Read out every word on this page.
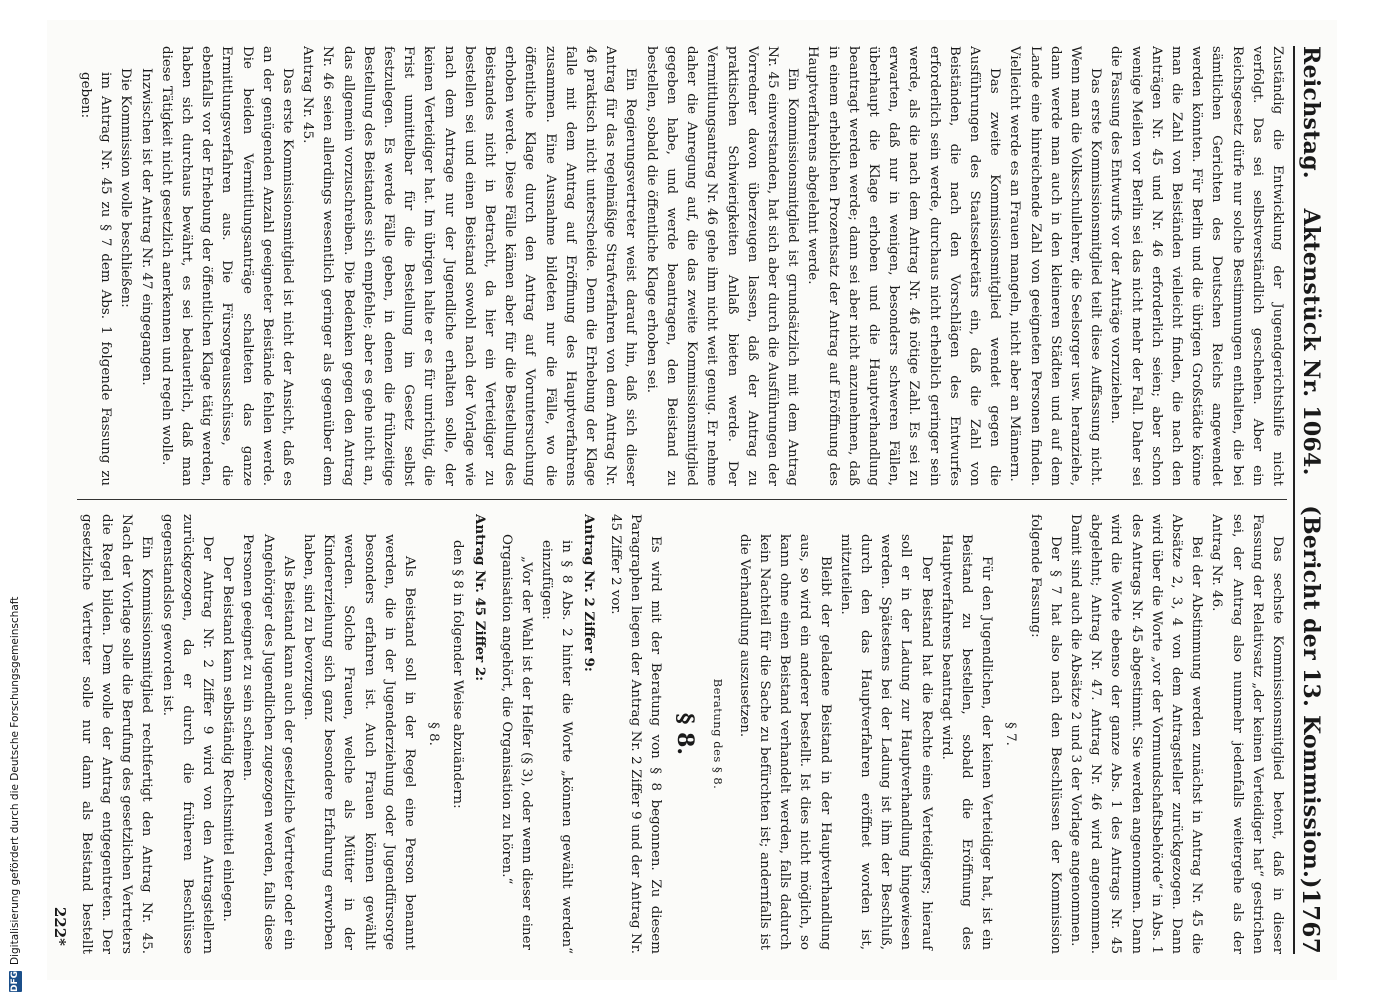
Reichstag.
Aktenstück Nr. 1064.
(Bericht der 13. Kommission.)
1767

Zuständig die Entwicklung der Jugendgerichtshilfe nicht verfolgt. Das sei selbstverständlich geschehen. Aber ein Reichsgesetz dürfe nur solche Bestimmungen enthalten, die bei sämtlichen Gerichten des Deutschen Reichs angewendet werden könnten. Für Berlin und die übrigen Großstädte könne man die Zahl von Beiständen vielleicht finden, die nach den Anträgen Nr. 45 und Nr. 46 erforderlich seien; aber schon wenige Meilen vor Berlin sei das nicht mehr der Fall. Daher sei die Fassung des Entwurfs vor der Anträge vorzuziehen.

Das erste Kommissionsmitglied teilt diese Auffassung nicht. Wenn man die Volksschullehrer, die Seelsorger usw. heranziehe, dann werde man auch in den kleineren Städten und auf dem Lande eine hinreichende Zahl von geeigneten Personen finden. Vielleicht werde es an Frauen mangeln, nicht aber an Männern.

Das zweite Kommissionsmitglied wendet gegen die Ausführungen des Staatssekretärs ein, daß die Zahl von Beiständen, die nach den Vorschlägen des Entwurfes erforderlich sein werde, durchaus nicht erheblich geringer sein werde, als die nach dem Antrag Nr. 46 nötige Zahl. Es sei zu erwarten, daß nur in wenigen, besonders schweren Fällen, überhaupt die Klage erhoben und die Hauptverhandlung beantragt werden werde; dann sei aber nicht anzunehmen, daß in einem erheblichen Prozentsatz der Antrag auf Eröffnung des Hauptverfahrens abgelehnt werde.

Ein Kommissionsmitglied ist grundsätzlich mit dem Antrag Nr. 45 einverstanden, hat sich aber durch die Ausführungen der Vorredner davon überzeugen lassen, daß der Antrag zu praktischen Schwierigkeiten Anlaß bieten werde. Der Vermittlungsantrag Nr. 46 gehe ihm nicht weit genug. Er nehme daher die Anregung auf, die das zweite Kommissionsmitglied gegeben habe, und werde beantragen, den Beistand zu bestellen, sobald die öffentliche Klage erhoben sei.

Ein Regierungsvertreter weist darauf hin, daß sich dieser Antrag für das regelmäßige Strafverfahren von dem Antrag Nr. 46 praktisch nicht unterscheide. Denn die Erhebung der Klage falle mit dem Antrag auf Eröffnung des Hauptverfahrens zusammen. Eine Ausnahme bildeten nur die Fälle, wo die öffentliche Klage durch den Antrag auf Voruntersuchung erhoben werde. Diese Fälle kämen aber für die Bestellung des Beistandes nicht in Betracht, da hier ein Verteidiger zu bestellen sei und einen Beistand sowohl nach der Vorlage wie nach dem Antrage nur der Jugendliche erhalten solle, der keinen Verteidiger hat. Im übrigen halte er es für unrichtig, die Frist unmittelbar für die Bestellung im Gesetz selbst festzulegen. Es werde Fälle geben, in denen die frühzeitige Bestellung des Beistandes sich empfehle; aber es gehe nicht an, das allgemein vorzuschreiben. Die Bedenken gegen den Antrag Nr. 46 seien allerdings wesentlich geringer als gegenüber dem Antrag Nr. 45.

Das erste Kommissionsmitglied ist nicht der Ansicht, daß es an der genügenden Anzahl geeigneter Beistände fehlen werde. Die beiden Vermittlungsanträge schalteten das ganze Ermittlungsverfahren aus. Die Fürsorgeausschüsse, die ebenfalls vor der Erhebung der öffentlichen Klage tätig werden, haben sich durchaus bewährt, es sei bedauerlich, daß man diese Tätigkeit nicht gesetzlich anerkennen und regeln wolle.

Inzwischen ist der Antrag Nr. 47 eingegangen.

Die Kommission wolle beschließen:

im Antrag Nr. 45 zu § 7 dem Abs. 1 folgende Fassung zu geben:

Das sechste Kommissionsmitglied betont, daß in dieser Fassung der Relativsatz „der keinen Verteidiger hat“ gestrichen sei, der Antrag also nunmehr jedenfalls weitergehe als der Antrag Nr. 46.

Bei der Abstimmung werden zunächst in Antrag Nr. 45 die Absätze 2, 3, 4 von dem Antragsteller zurückgezogen. Dann wird über die Worte „vor der Vormundschaftsbehörde“ in Abs. 1 des Antrags Nr. 45 abgestimmt. Sie werden angenommen. Dann wird die Worte ebenso der ganze Abs. 1 des Antrags Nr. 45 abgelehnt; Antrag Nr. 47. Antrag Nr. 46 wird angenommen. Damit sind auch die Absätze 2 und 3 der Vorlage angenommen.

Der § 7 hat also nach den Beschlüssen der Kommission folgende Fassung:

§ 7.

Für den Jugendlichen, der keinen Verteidiger hat, ist ein Beistand zu bestellen, sobald die Eröffnung des Hauptverfahrens beantragt wird.

Der Beistand hat die Rechte eines Verteidigers; hierauf soll er in der Ladung zur Hauptverhandlung hingewiesen werden. Spätestens bei der Ladung ist ihm der Beschluß, durch den das Hauptverfahren eröffnet worden ist, mitzuteilen.

Bleibt der geladene Beistand in der Hauptverhandlung aus, so wird ein anderer bestellt. Ist dies nicht möglich, so kann ohne einen Beistand verhandelt werden, falls dadurch kein Nachteil für die Sache zu befürchten ist; andernfalls ist die Verhandlung auszusetzen.

Beratung des § 8.

§ 8.

Es wird mit der Beratung von § 8 begonnen. Zu diesem Paragraphen liegen der Antrag Nr. 2 Ziffer 9 und der Antrag Nr. 45 Ziffer 2 vor.

Antrag Nr. 2 Ziffer 9:

in § 8 Abs. 2 hinter die Worte „können gewählt werden“ einzufügen:

„Vor der Wahl ist der Helfer (§ 3), oder wenn dieser einer Organisation angehört, die Organisation zu hören.“

Antrag Nr. 45 Ziffer 2:

den § 8 in folgender Weise abzuändern:

§ 8.

Als Beistand soll in der Regel eine Person benannt werden, die in der Jugenderziehung oder Jugendfürsorge besonders erfahren ist. Auch Frauen können gewählt werden. Solche Frauen, welche als Mütter in der Kindererziehung sich ganz besondere Erfahrung erworben haben, sind zu bevorzugen.

Als Beistand kann auch der gesetzliche Vertreter oder ein Angehöriger des Jugendlichen zugezogen werden, falls diese Personen geeignet zu sein scheinen.

Der Beistand kann selbständig Rechtsmittel einlegen.

Der Antrag Nr. 2 Ziffer 9 wird von den Antragstellern zurückgezogen, da er durch die früheren Beschlüsse gegenstandslos geworden ist.

Ein Kommissionsmitglied rechtfertigt den Antrag Nr. 45. Nach der Vorlage solle die Berufung des gesetzlichen Vertreters die Regel bilden. Dem wolle der Antrag entgegentreten. Der gesetzliche Vertreter solle nur dann als Beistand bestellt

222*
DFG
Digitalisierung gefördert durch die Deutsche Forschungsgemeinschaft
